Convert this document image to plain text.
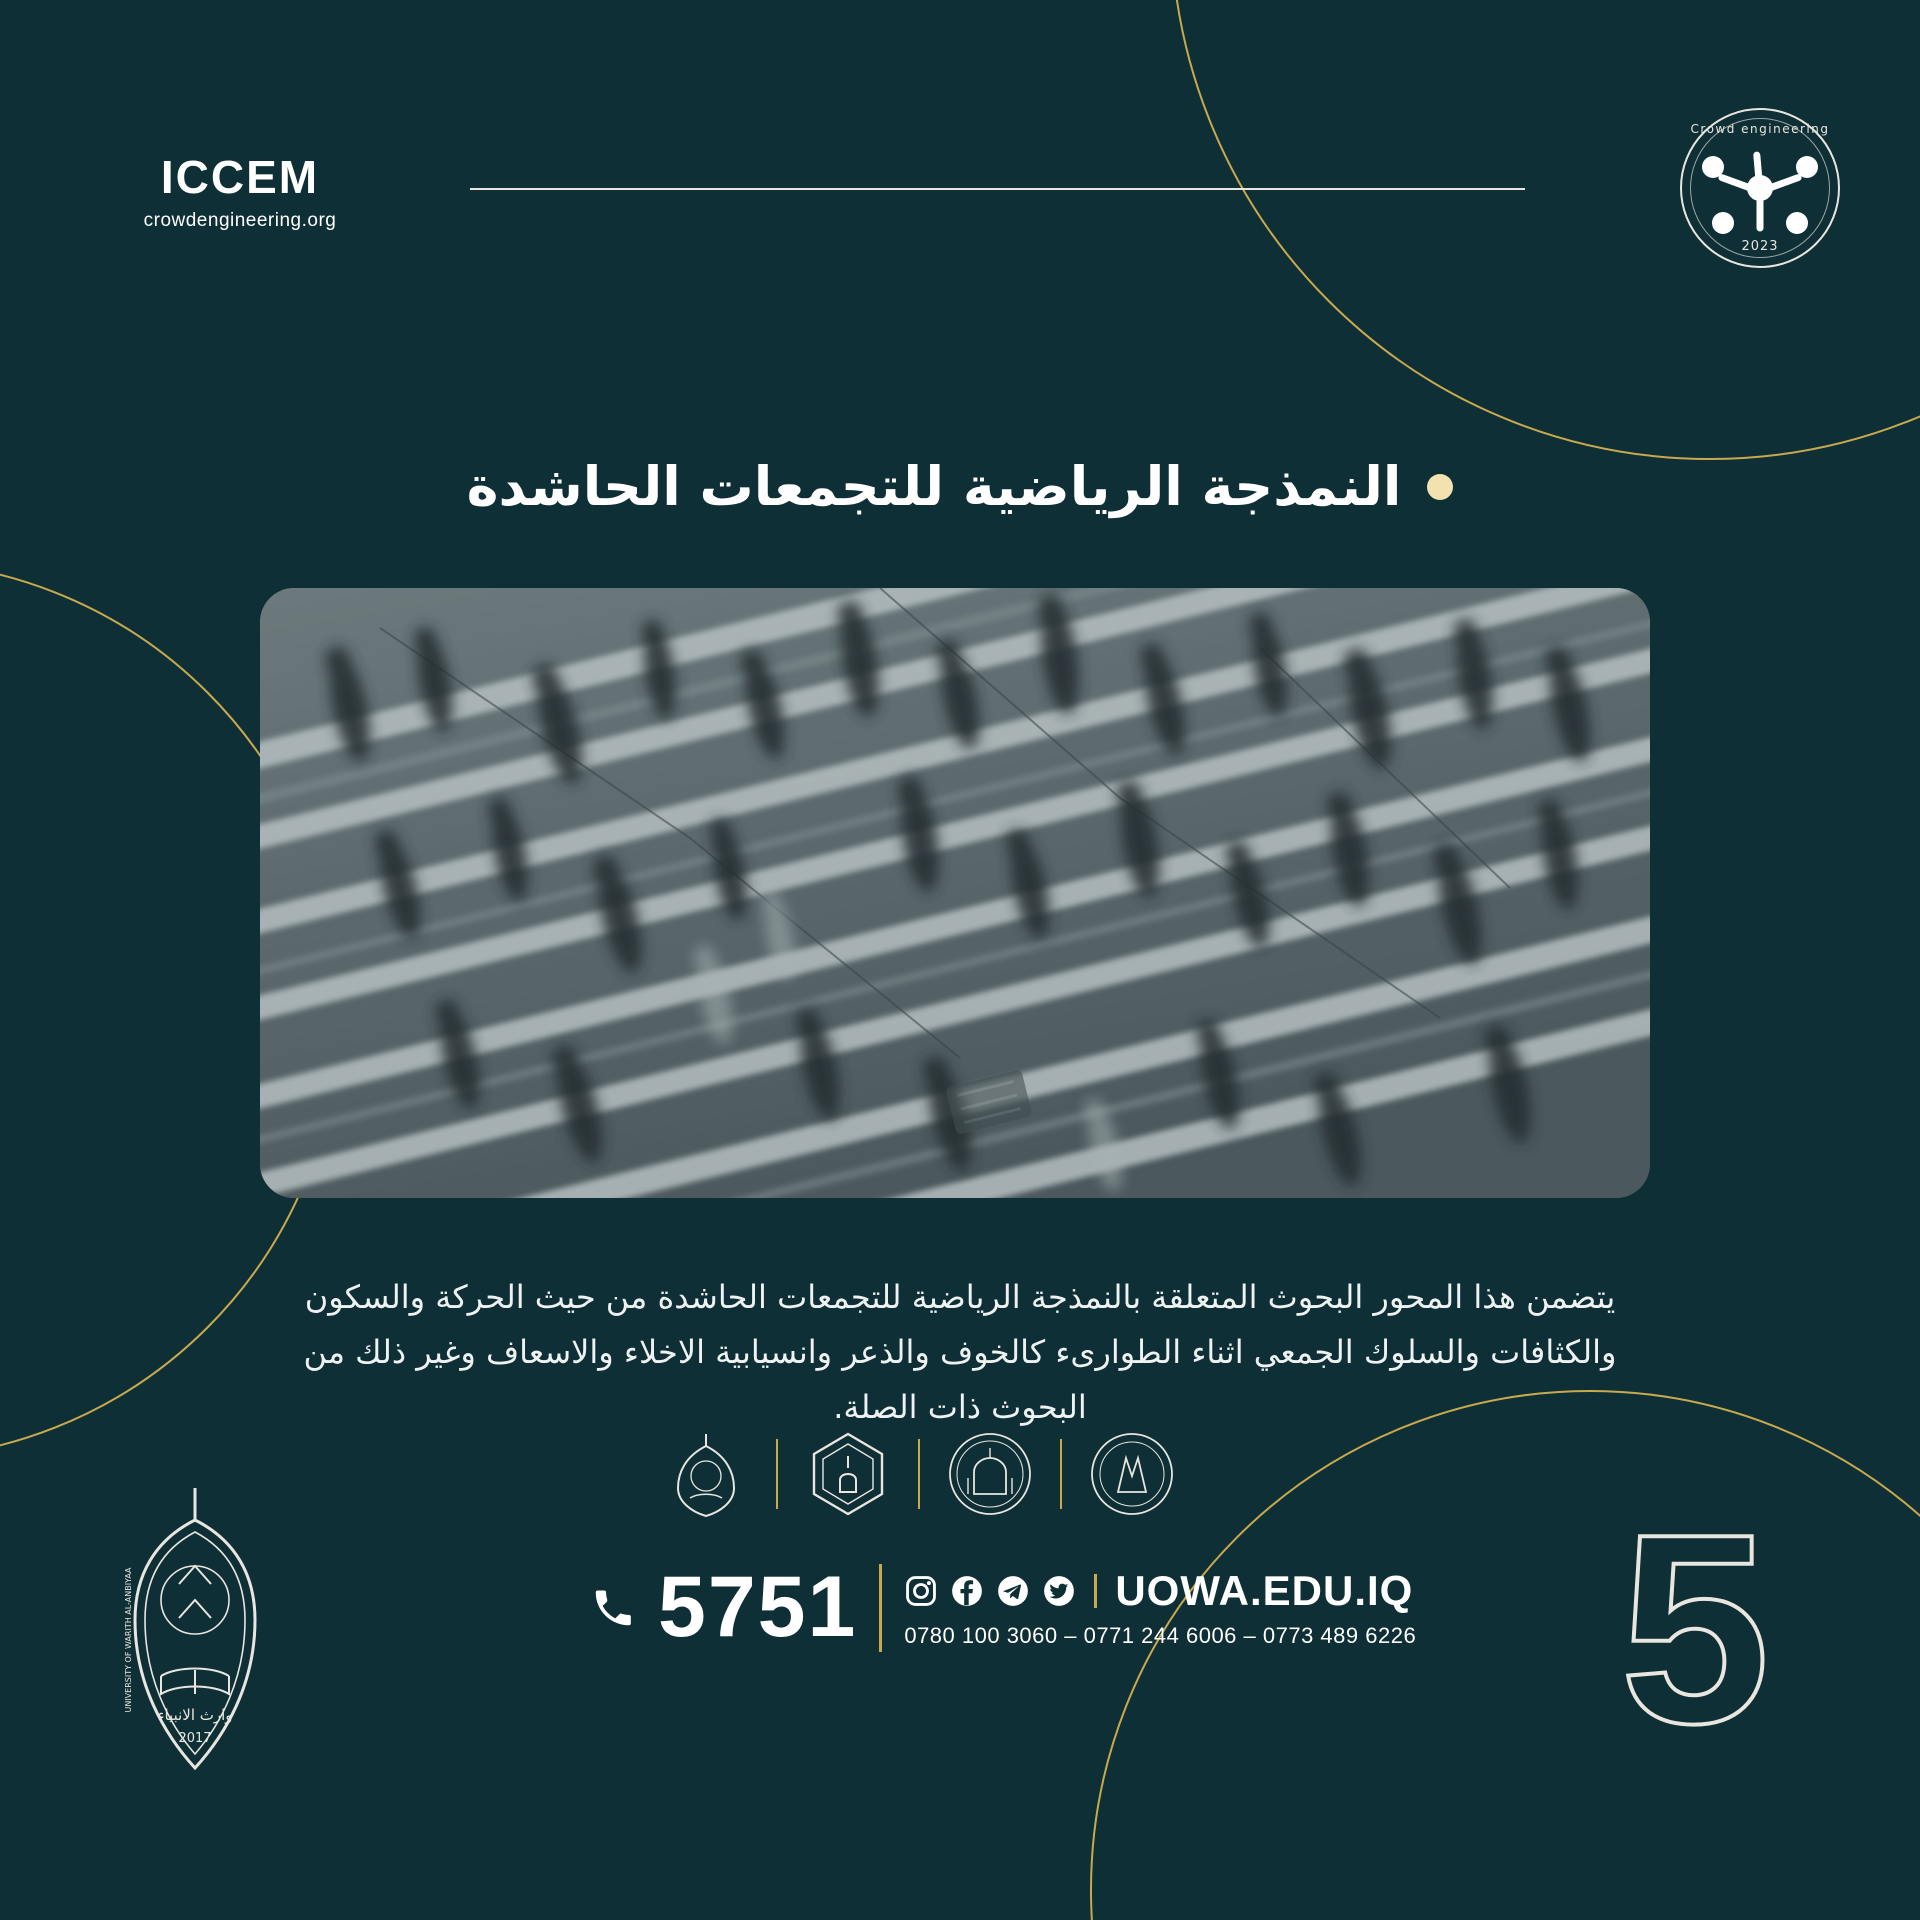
Crowd engineering
2023
ICCEM
crowdengineering.org
النمذجة الرياضية للتجمعات الحاشدة

يتضمن هذا المحور البحوث المتعلقة بالنمذجة الرياضية للتجمعات الحاشدة من حيث الحركة والسكون والكثافات والسلوك الجمعي اثناء الطوارىء كالخوف والذعر وانسيابية الاخلاء والاسعاف وغير ذلك من البحوث ذات الصلة.

2017
وارث الانبياء
UNIVERSITY OF WARITH AL-ANBIYAA	5751	UOWA.EDU.IQ
0780 100 3060 – 0771 244 6006 – 0773 489 6226 5
